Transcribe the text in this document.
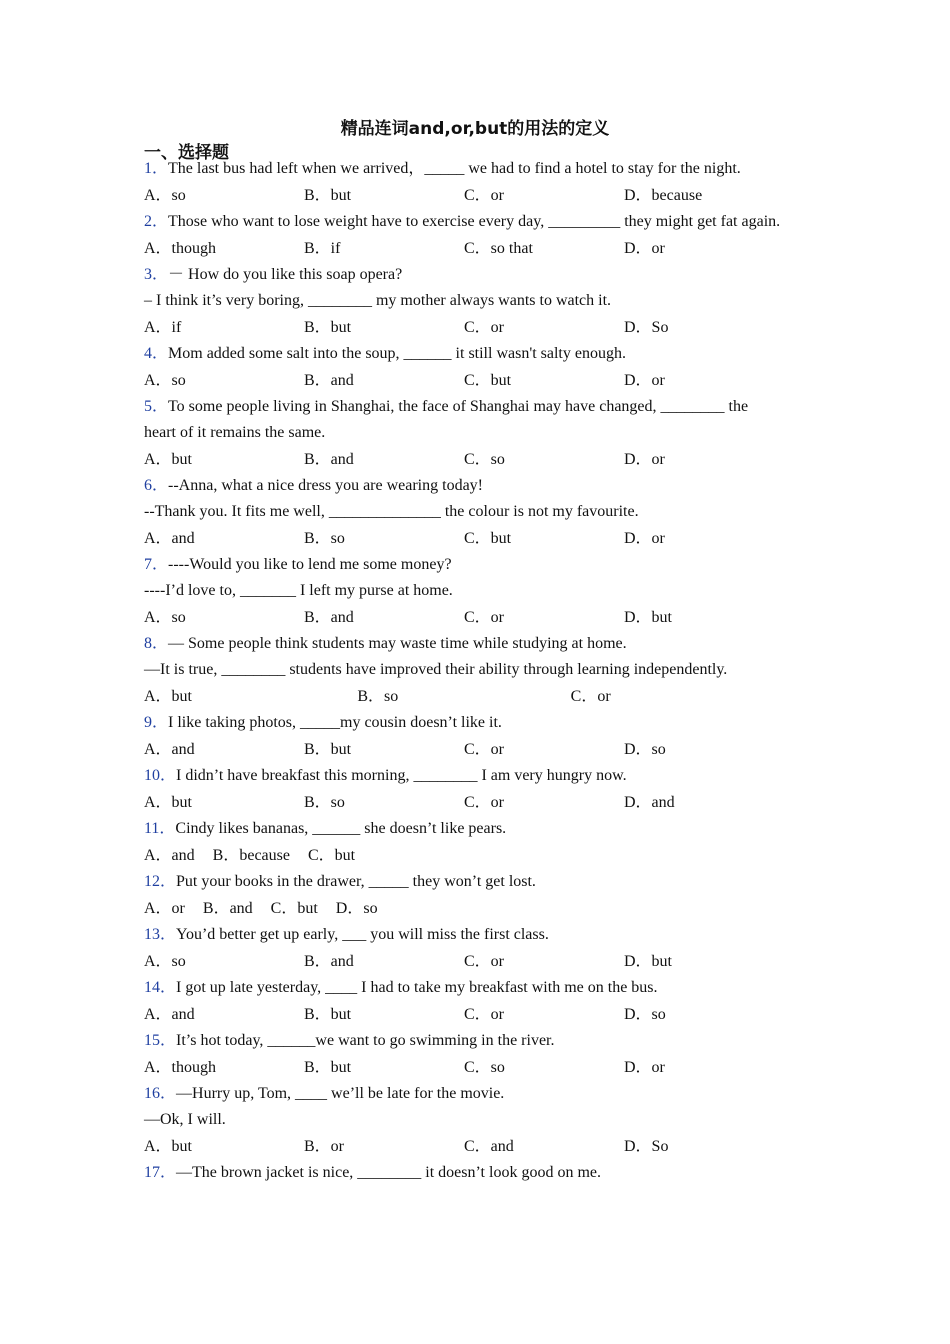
精品连词and,or,but的用法的定义
一、选择题
1．The last bus had left when we arrived，_____ we had to find a hotel to stay for the night.
A．so	B．but	C．or	D．because
2．Those who want to lose weight have to exercise every day, _________ they might get fat again.
A．though	B．if	C．so that	D．or
3．－ How do you like this soap opera?
– I think it’s very boring, ________ my mother always wants to watch it.
A．if	B．but	C．or	D．So
4．Mom added some salt into the soup, ______ it still wasn't salty enough.
A．so	B．and	C．but	D．or
5．To some people living in Shanghai, the face of Shanghai may have changed, ________ the heart of it remains the same.
A．but	B．and	C．so	D．or
6．--Anna, what a nice dress you are wearing today!
--Thank you. It fits me well, ______________ the colour is not my favourite.
A．and	B．so	C．but	D．or
7．----Would you like to lend me some money?
----I’d love to, _______ I left my purse at home.
A．so	B．and	C．or	D．but
8．— Some people think students may waste time while studying at home.
—It is true, ________ students have improved their ability through learning independently.
A．but	B．so	C．or
9．I like taking photos, _____my cousin doesn’t like it.
A．and	B．but	C．or	D．so
10．I didn’t have breakfast this morning, ________ I am very hungry now.
A．but	B．so	C．or	D．and
11．Cindy likes bananas, ______ she doesn’t like pears.
A．and B．because C．but
12．Put your books in the drawer, _____ they won’t get lost.
A．or B．and C．but D．so
13．You’d better get up early, ___ you will miss the first class.
A．so	B．and	C．or	D．but
14．I got up late yesterday, ____ I had to take my breakfast with me on the bus.
A．and	B．but	C．or	D．so
15．It’s hot today, ______we want to go swimming in the river.
A．though	B．but	C．so	D．or
16．—Hurry up, Tom, ____ we’ll be late for the movie.
—Ok, I will.
A．but	B．or	C．and	D．So
17．—The brown jacket is nice, ________ it doesn’t look good on me.
